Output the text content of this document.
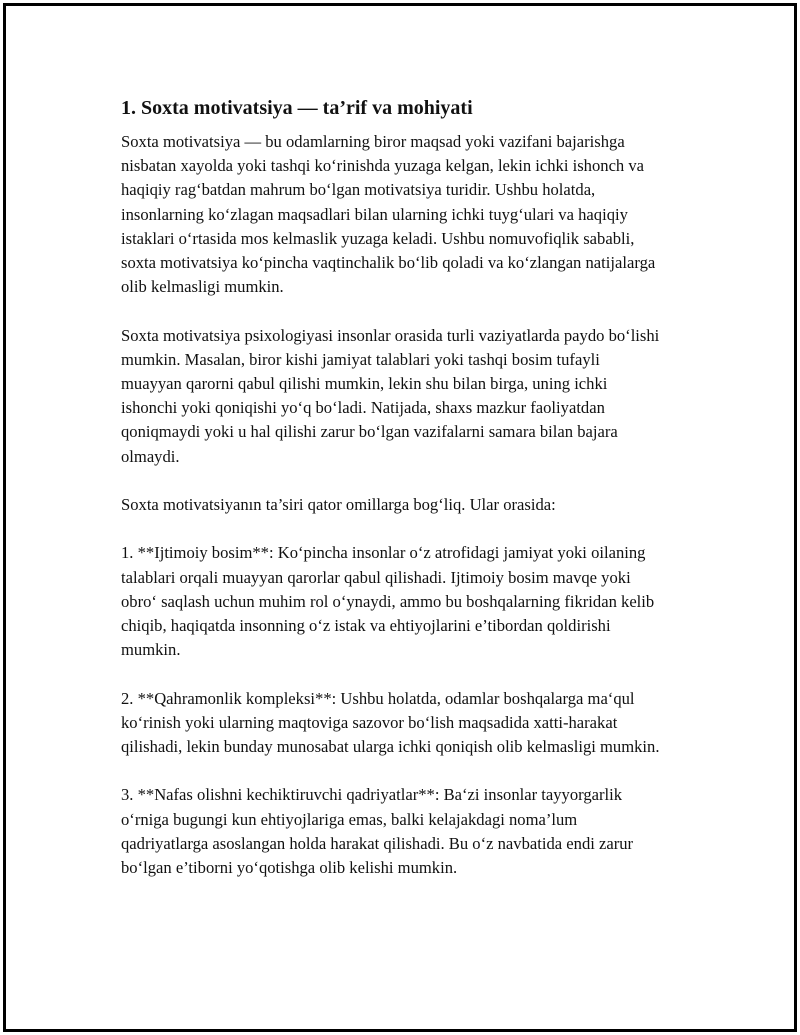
1. Soxta motivatsiya — ta’rif va mohiyati

Soxta motivatsiya — bu odamlarning biror maqsad yoki vazifani bajarishga nisbatan xayolda yoki tashqi koʻrinishda yuzaga kelgan, lekin ichki ishonch va haqiqiy ragʻbatdan mahrum boʻlgan motivatsiya turidir. Ushbu holatda, insonlarning koʻzlagan maqsadlari bilan ularning ichki tuygʻulari va haqiqiy istaklari oʻrtasida mos kelmaslik yuzaga keladi. Ushbu nomuvofiqlik sababli, soxta motivatsiya koʻpincha vaqtinchalik boʻlib qoladi va koʻzlangan natijalarga olib kelmasligi mumkin.

Soxta motivatsiya psixologiyasi insonlar orasida turli vaziyatlarda paydo boʻlishi mumkin. Masalan, biror kishi jamiyat talablari yoki tashqi bosim tufayli muayyan qarorni qabul qilishi mumkin, lekin shu bilan birga, uning ichki ishonchi yoki qoniqishi yoʻq boʻladi. Natijada, shaxs mazkur faoliyatdan qoniqmaydi yoki u hal qilishi zarur boʻlgan vazifalarni samara bilan bajara olmaydi.

Soxta motivatsiyanın ta’siri qator omillarga bogʻliq. Ular orasida:

1. **Ijtimoiy bosim**: Koʻpincha insonlar oʻz atrofidagi jamiyat yoki oilaning talablari orqali muayyan qarorlar qabul qilishadi. Ijtimoiy bosim mavqe yoki obroʻ saqlash uchun muhim rol oʻynaydi, ammo bu boshqalarning fikridan kelib chiqib, haqiqatda insonning oʻz istak va ehtiyojlarini e’tibordan qoldirishi mumkin.

2. **Qahramonlik kompleksi**: Ushbu holatda, odamlar boshqalarga ma‘qul koʻrinish yoki ularning maqtoviga sazovor boʻlish maqsadida xatti-harakat qilishadi, lekin bunday munosabat ularga ichki qoniqish olib kelmasligi mumkin.

3. **Nafas olishni kechiktiruvchi qadriyatlar**: Ba‘zi insonlar tayyorgarlik oʻrniga bugungi kun ehtiyojlariga emas, balki kelajakdagi noma’lum qadriyatlarga asoslangan holda harakat qilishadi. Bu oʻz navbatida endi zarur boʻlgan e’tiborni yoʻqotishga olib kelishi mumkin.
